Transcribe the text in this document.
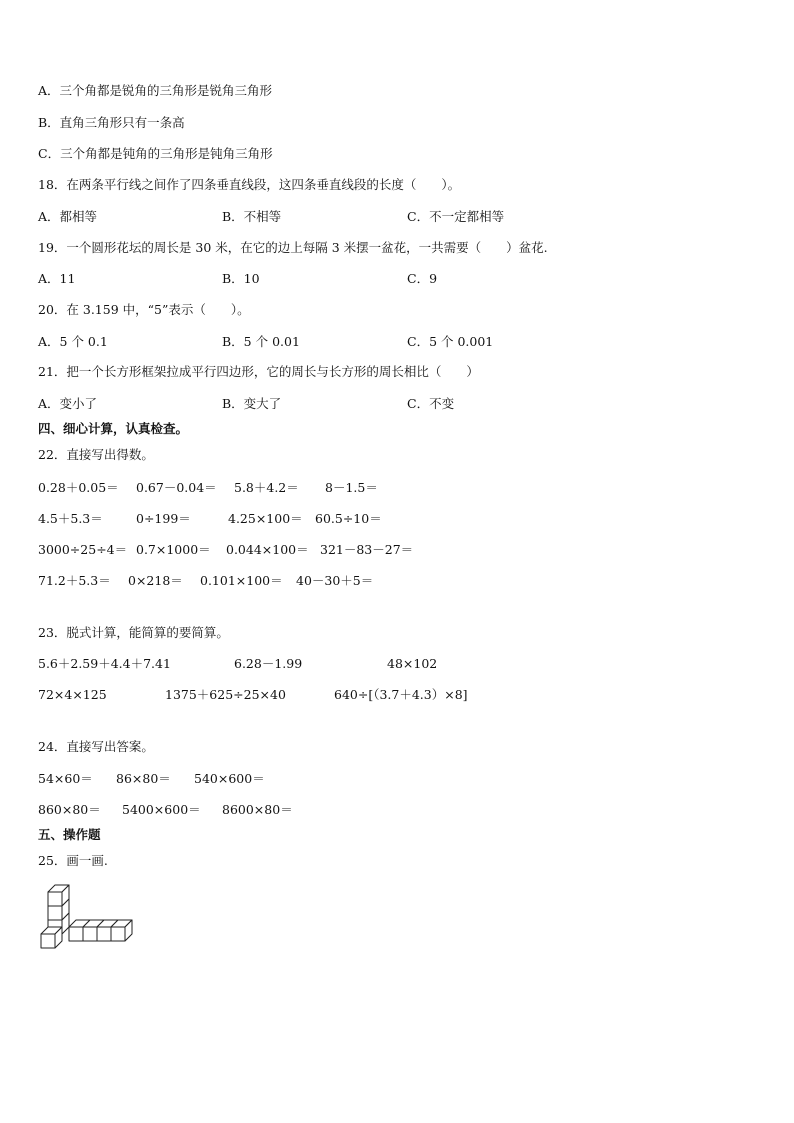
A．三个角都是锐角的三角形是锐角三角形
B．直角三角形只有一条高
C．三个角都是钝角的三角形是钝角三角形
18．在两条平行线之间作了四条垂直线段，这四条垂直线段的长度（　　）。
A．都相等	B．不相等	C．不一定都相等
19．一个圆形花坛的周长是 30 米，在它的边上每隔 3 米摆一盆花，一共需要（　　）盆花.
A．11	B．10	C．9
20．在 3.159 中，“5”表示（　　）。
A．5 个 0.1	B．5 个 0.01	C．5 个 0.001
21．把一个长方形框架拉成平行四边形，它的周长与长方形的周长相比（　　）
A．变小了	B．变大了	C．不变
四、细心计算，认真检查。
22．直接写出得数。
0.28＋0.05＝ 0.67－0.04＝ 5.8＋4.2＝ 8－1.5＝
4.5＋5.3＝	0÷199＝	4.25×100＝ 60.5÷10＝
3000÷25÷4＝ 0.7×1000＝ 0.044×100＝ 321－83－27＝
71.2＋5.3＝ 0×218＝ 0.101×100＝ 40－30＋5＝
23．脱式计算，能简算的要简算。
5.6＋2.59＋4.4＋7.41	6.28－1.99	48×102
72×4×125	1375＋625÷25×40	640÷[（3.7＋4.3）×8]
24．直接写出答案。
54×60＝ 86×80＝ 540×600＝
860×80＝ 5400×600＝ 8600×80＝
五、操作题
25．画一画.
